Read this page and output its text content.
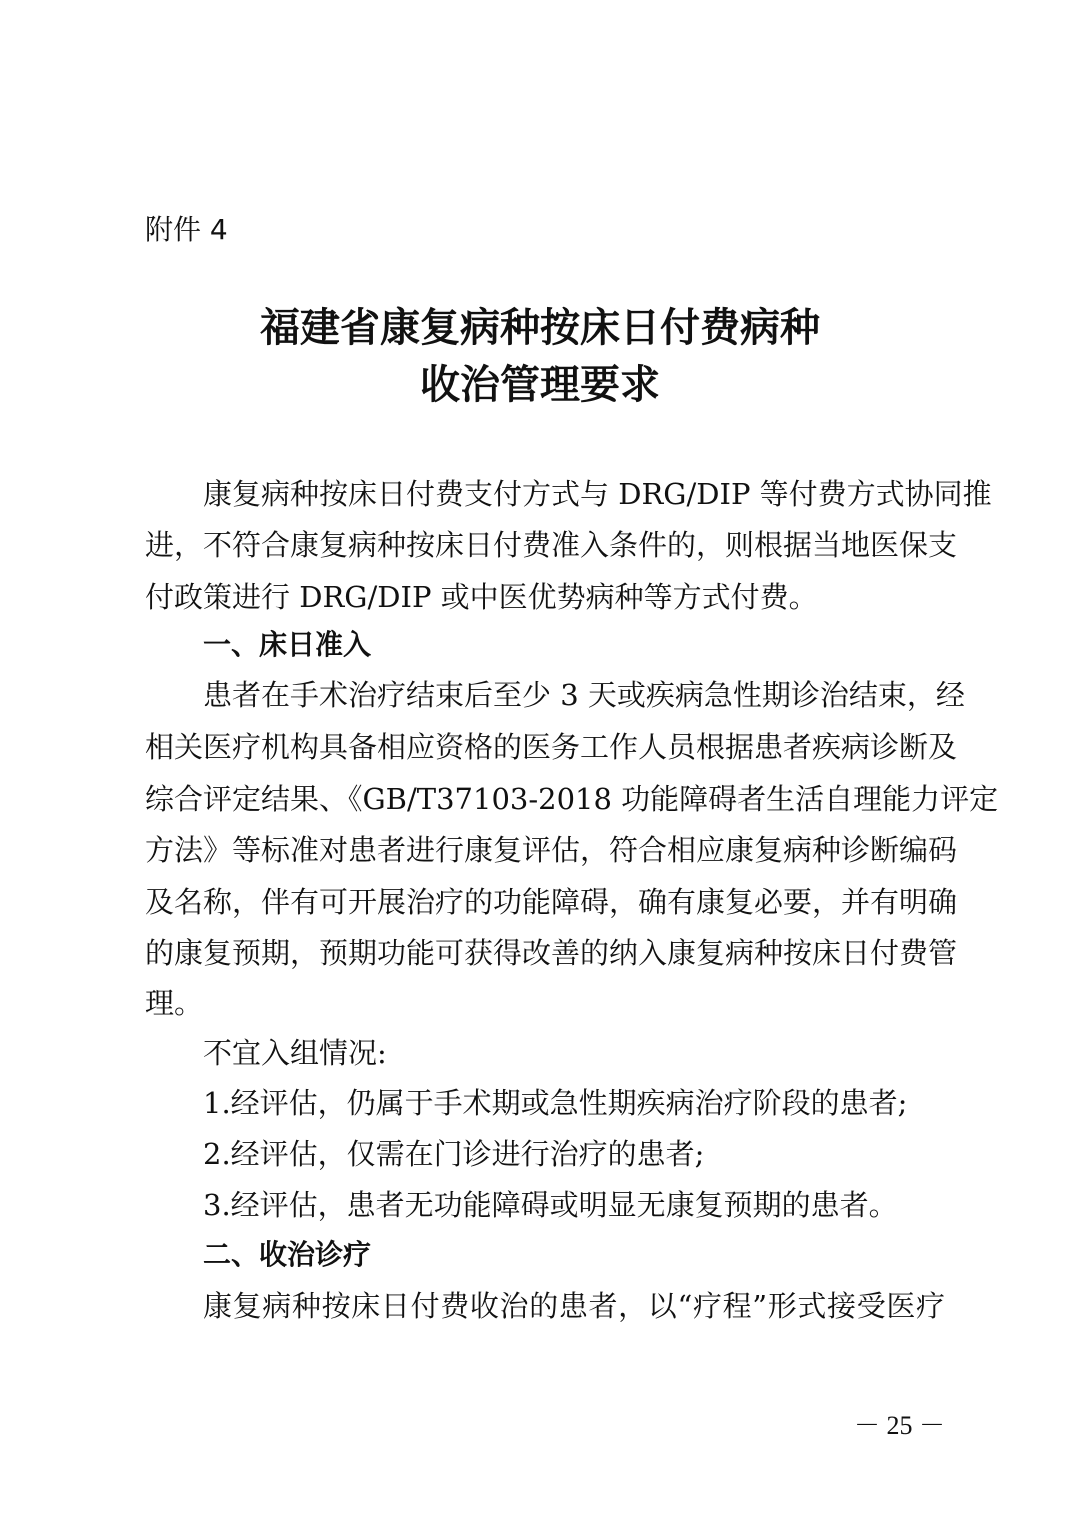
附件 4
福建省康复病种按床日付费病种
收治管理要求
康复病种按床日付费支付方式与 DRG/DIP 等付费方式协同推
进，不符合康复病种按床日付费准入条件的，则根据当地医保支
付政策进行 DRG/DIP 或中医优势病种等方式付费。
一、床日准入
患者在手术治疗结束后至少 3 天或疾病急性期诊治结束，经
相关医疗机构具备相应资格的医务工作人员根据患者疾病诊断及
综合评定结果、《GB/T37103-2018 功能障碍者生活自理能力评定
方法》等标准对患者进行康复评估，符合相应康复病种诊断编码
及名称，伴有可开展治疗的功能障碍，确有康复必要，并有明确
的康复预期，预期功能可获得改善的纳入康复病种按床日付费管
理。
不宜入组情况:
1.经评估，仍属于手术期或急性期疾病治疗阶段的患者;
2.经评估，仅需在门诊进行治疗的患者;
3.经评估，患者无功能障碍或明显无康复预期的患者。
二、收治诊疗
康复病种按床日付费收治的患者，以“疗程”形式接受医疗
－ 25 －
